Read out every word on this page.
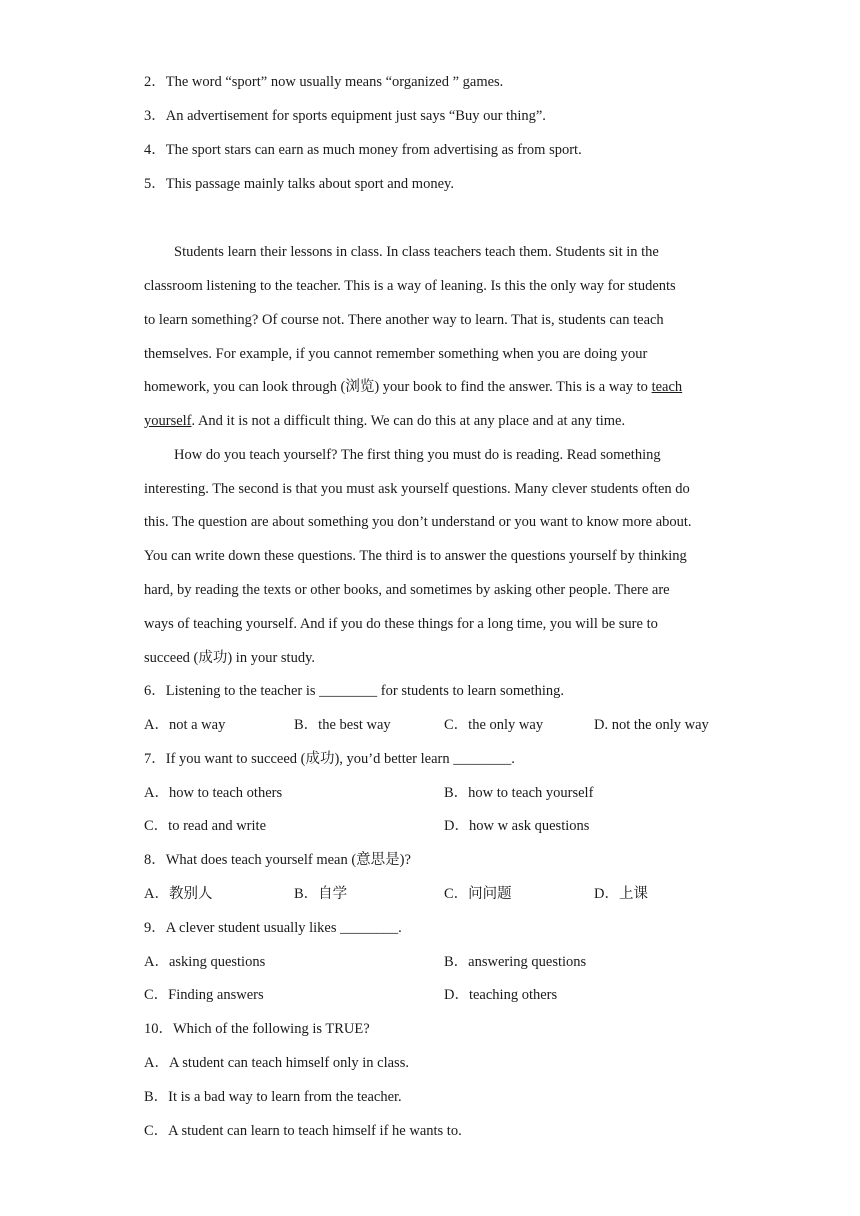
2．The word “sport” now usually means “organized ” games.
3．An advertisement for sports equipment just says “Buy our thing”.
4．The sport stars can earn as much money from advertising as from sport.
5．This passage mainly talks about sport and money.
Students learn their lessons in class. In class teachers teach them. Students sit in the
classroom listening to the teacher. This is a way of leaning. Is this the only way for students
to learn something? Of course not. There another way to learn. That is, students can teach
themselves. For example, if you cannot remember something when you are doing your
homework, you can look through (浏览) your book to find the answer. This is a way to teach
yourself. And it is not a difficult thing. We can do this at any place and at any time.
How do you teach yourself? The first thing you must do is reading. Read something
interesting. The second is that you must ask yourself questions. Many clever students often do
this. The question are about something you don’t understand or you want to know more about.
You can write down these questions. The third is to answer the questions yourself by thinking
hard, by reading the texts or other books, and sometimes by asking other people. There are
ways of teaching yourself. And if you do these things for a long time, you will be sure to
succeed (成功) in your study.
6．Listening to the teacher is ________ for students to learn something.
A．not a way	B．the best way	C．the only way	D. not the only way
7．If you want to succeed (成功), you’d better learn ________.
A．how to teach others	B．how to teach yourself
C．to read and write	D．how w ask questions
8．What does teach yourself mean (意思是)?
A．教别人	B．自学	C．问问题	D．上课
9．A clever student usually likes ________.
A．asking questions	B．answering questions
C．Finding answers	D．teaching others
10．Which of the following is TRUE?
A．A student can teach himself only in class.
B．It is a bad way to learn from the teacher.
C．A student can learn to teach himself if he wants to.
